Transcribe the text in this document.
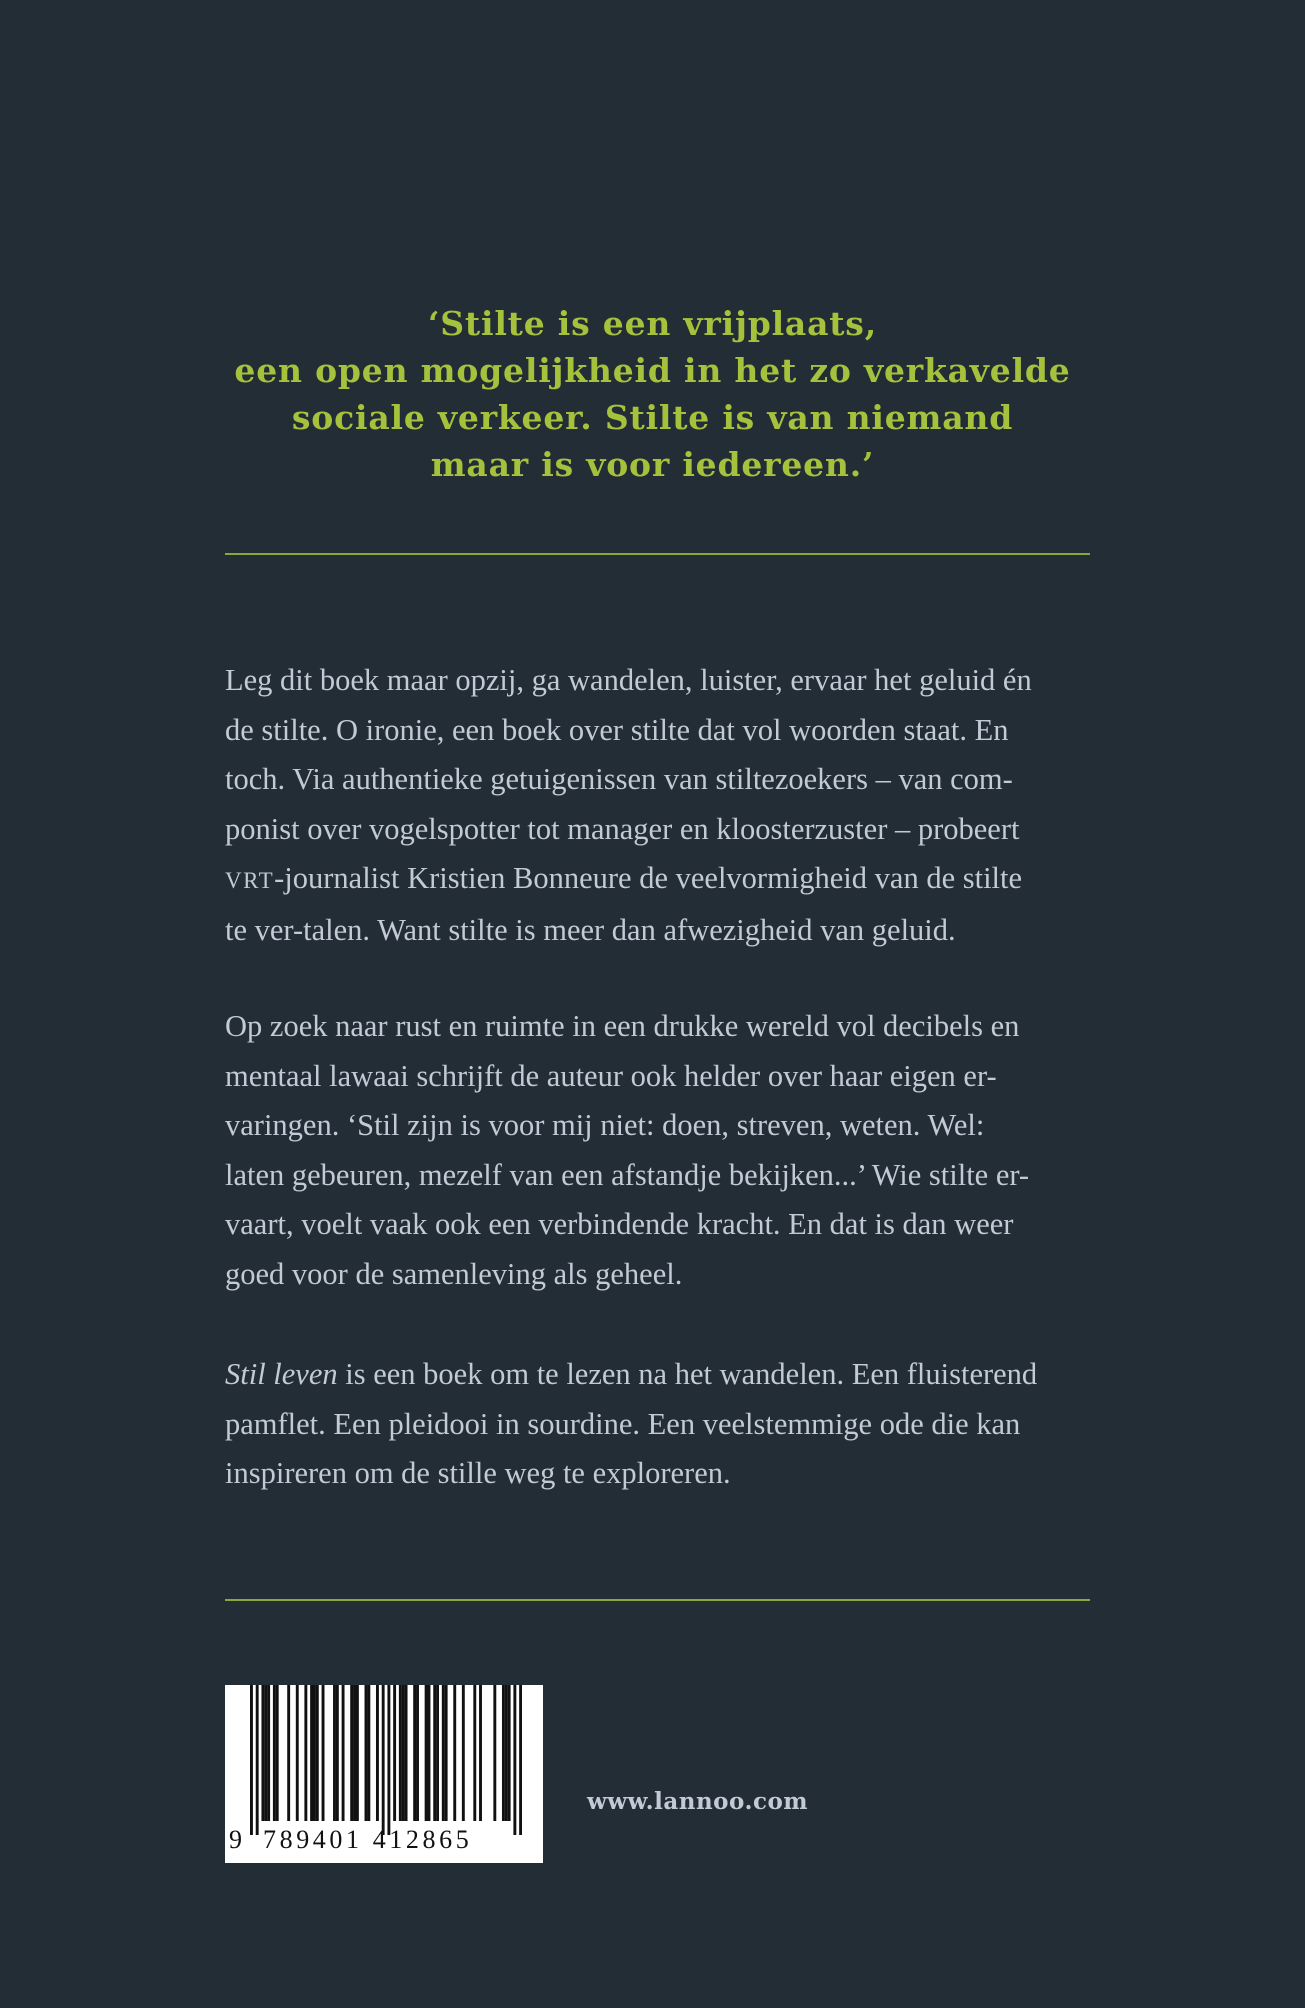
‘Stilte is een vrijplaats,
een open mogelijkheid in het zo verkavelde
sociale verkeer. Stilte is van niemand
maar is voor iedereen.’
Leg dit boek maar opzij, ga wandelen, luister, ervaar het geluid én
de stilte. O ironie, een boek over stilte dat vol woorden staat. En
toch. Via authentieke getuigenissen van stiltezoekers – van com-
ponist over vogelspotter tot manager en kloosterzuster – probeert
VRT-journalist Kristien Bonneure de veelvormigheid van de stilte
te ver-talen. Want stilte is meer dan afwezigheid van geluid.
Op zoek naar rust en ruimte in een drukke wereld vol decibels en
mentaal lawaai schrijft de auteur ook helder over haar eigen er-
varingen. ‘Stil zijn is voor mij niet: doen, streven, weten. Wel:
laten gebeuren, mezelf van een afstandje bekijken...’ Wie stilte er-
vaart, voelt vaak ook een verbindende kracht. En dat is dan weer
goed voor de samenleving als geheel.
Stil leven is een boek om te lezen na het wandelen. Een fluisterend
pamflet. Een pleidooi in sourdine. Een veelstemmige ode die kan
inspireren om de stille weg te exploreren.
9 789401 412865
www.lannoo.com
